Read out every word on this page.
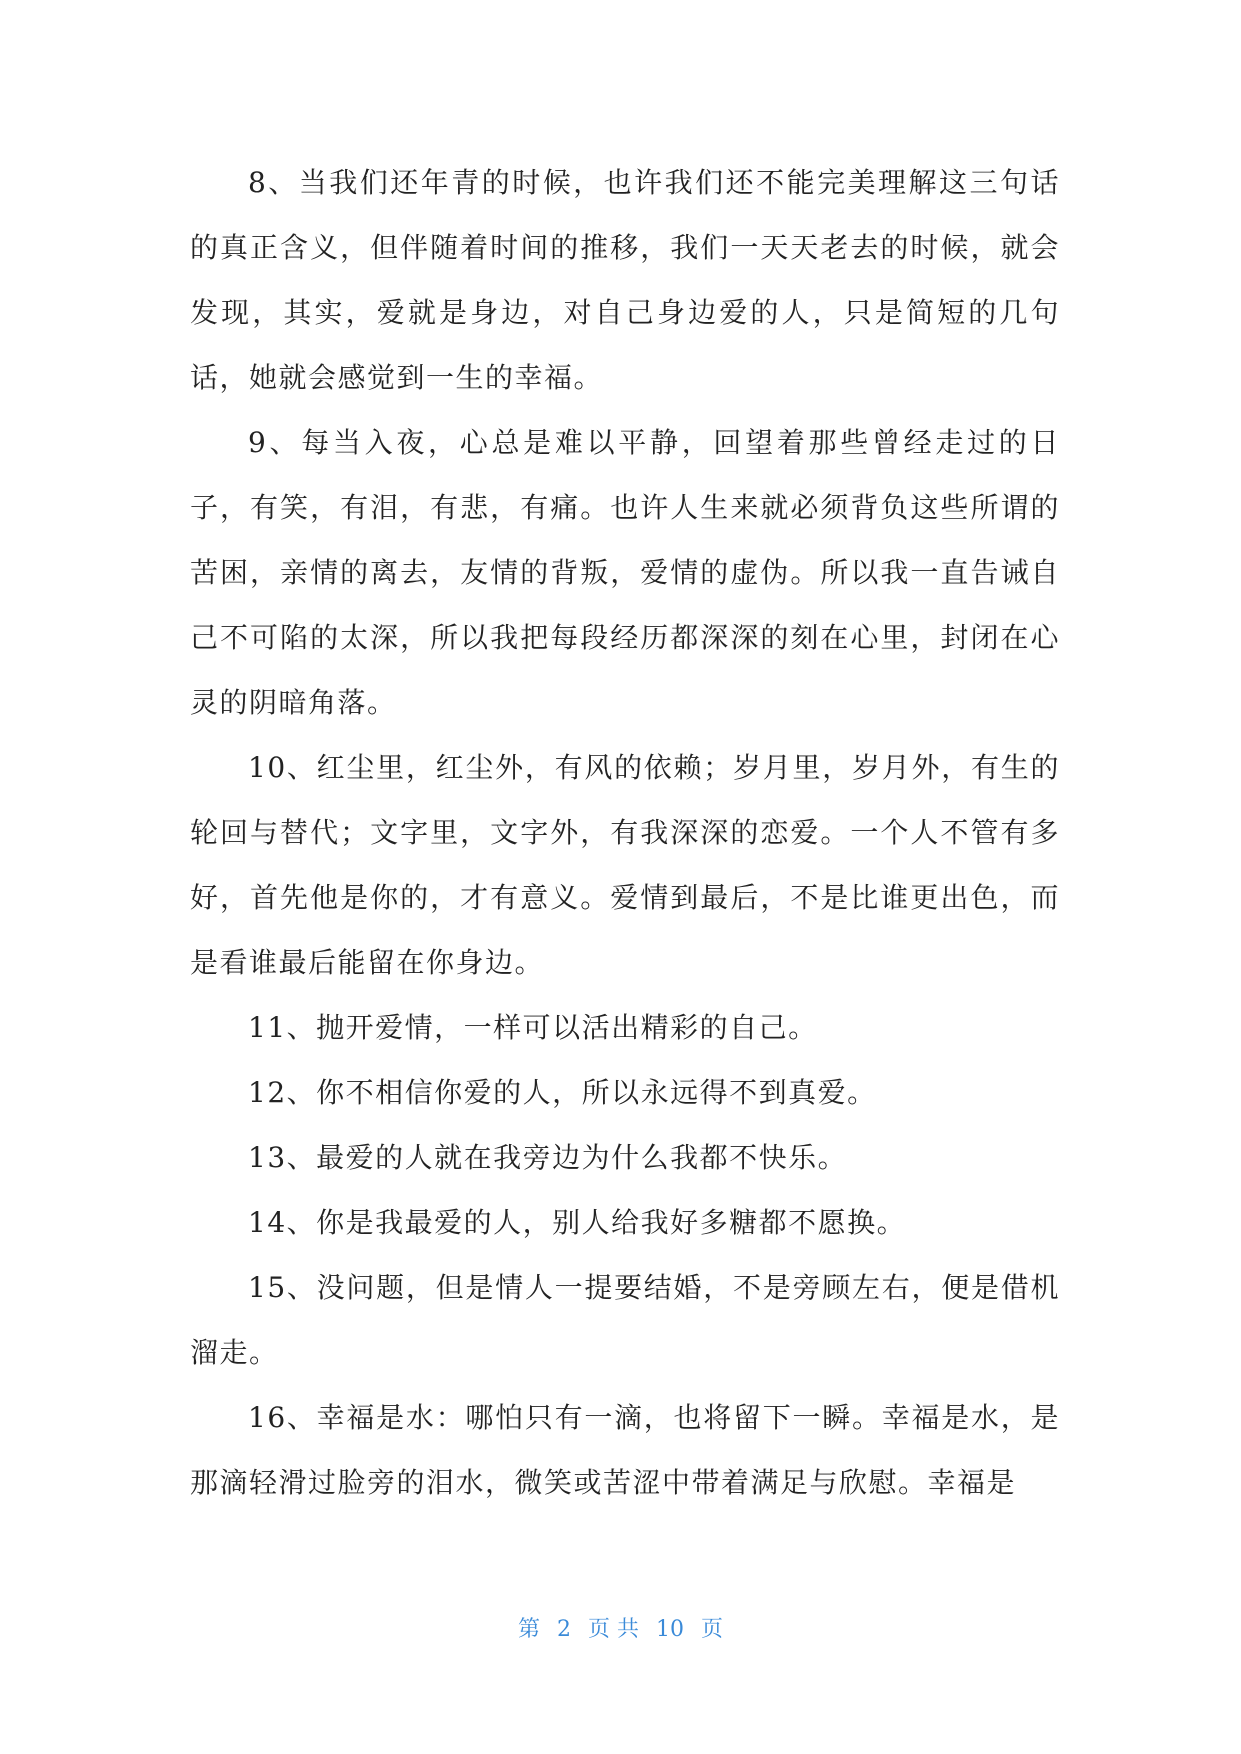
8、当我们还年青的时候，也许我们还不能完美理解这三句话的真正含义，但伴随着时间的推移，我们一天天老去的时候，就会发现，其实，爱就是身边，对自己身边爱的人，只是简短的几句话，她就会感觉到一生的幸福。

9、每当入夜，心总是难以平静，回望着那些曾经走过的日子，有笑，有泪，有悲，有痛。也许人生来就必须背负这些所谓的苦困，亲情的离去，友情的背叛，爱情的虚伪。所以我一直告诫自己不可陷的太深，所以我把每段经历都深深的刻在心里，封闭在心灵的阴暗角落。

10、红尘里，红尘外，有风的依赖；岁月里，岁月外，有生的轮回与替代；文字里，文字外，有我深深的恋爱。一个人不管有多好，首先他是你的，才有意义。爱情到最后，不是比谁更出色，而是看谁最后能留在你身边。

11、抛开爱情，一样可以活出精彩的自己。

12、你不相信你爱的人，所以永远得不到真爱。

13、最爱的人就在我旁边为什么我都不快乐。

14、你是我最爱的人，别人给我好多糖都不愿换。

15、没问题，但是情人一提要结婚，不是旁顾左右，便是借机溜走。

16、幸福是水：哪怕只有一滴，也将留下一瞬。幸福是水，是那滴轻滑过脸旁的泪水，微笑或苦涩中带着满足与欣慰。幸福是

第 2 页 共 10 页
